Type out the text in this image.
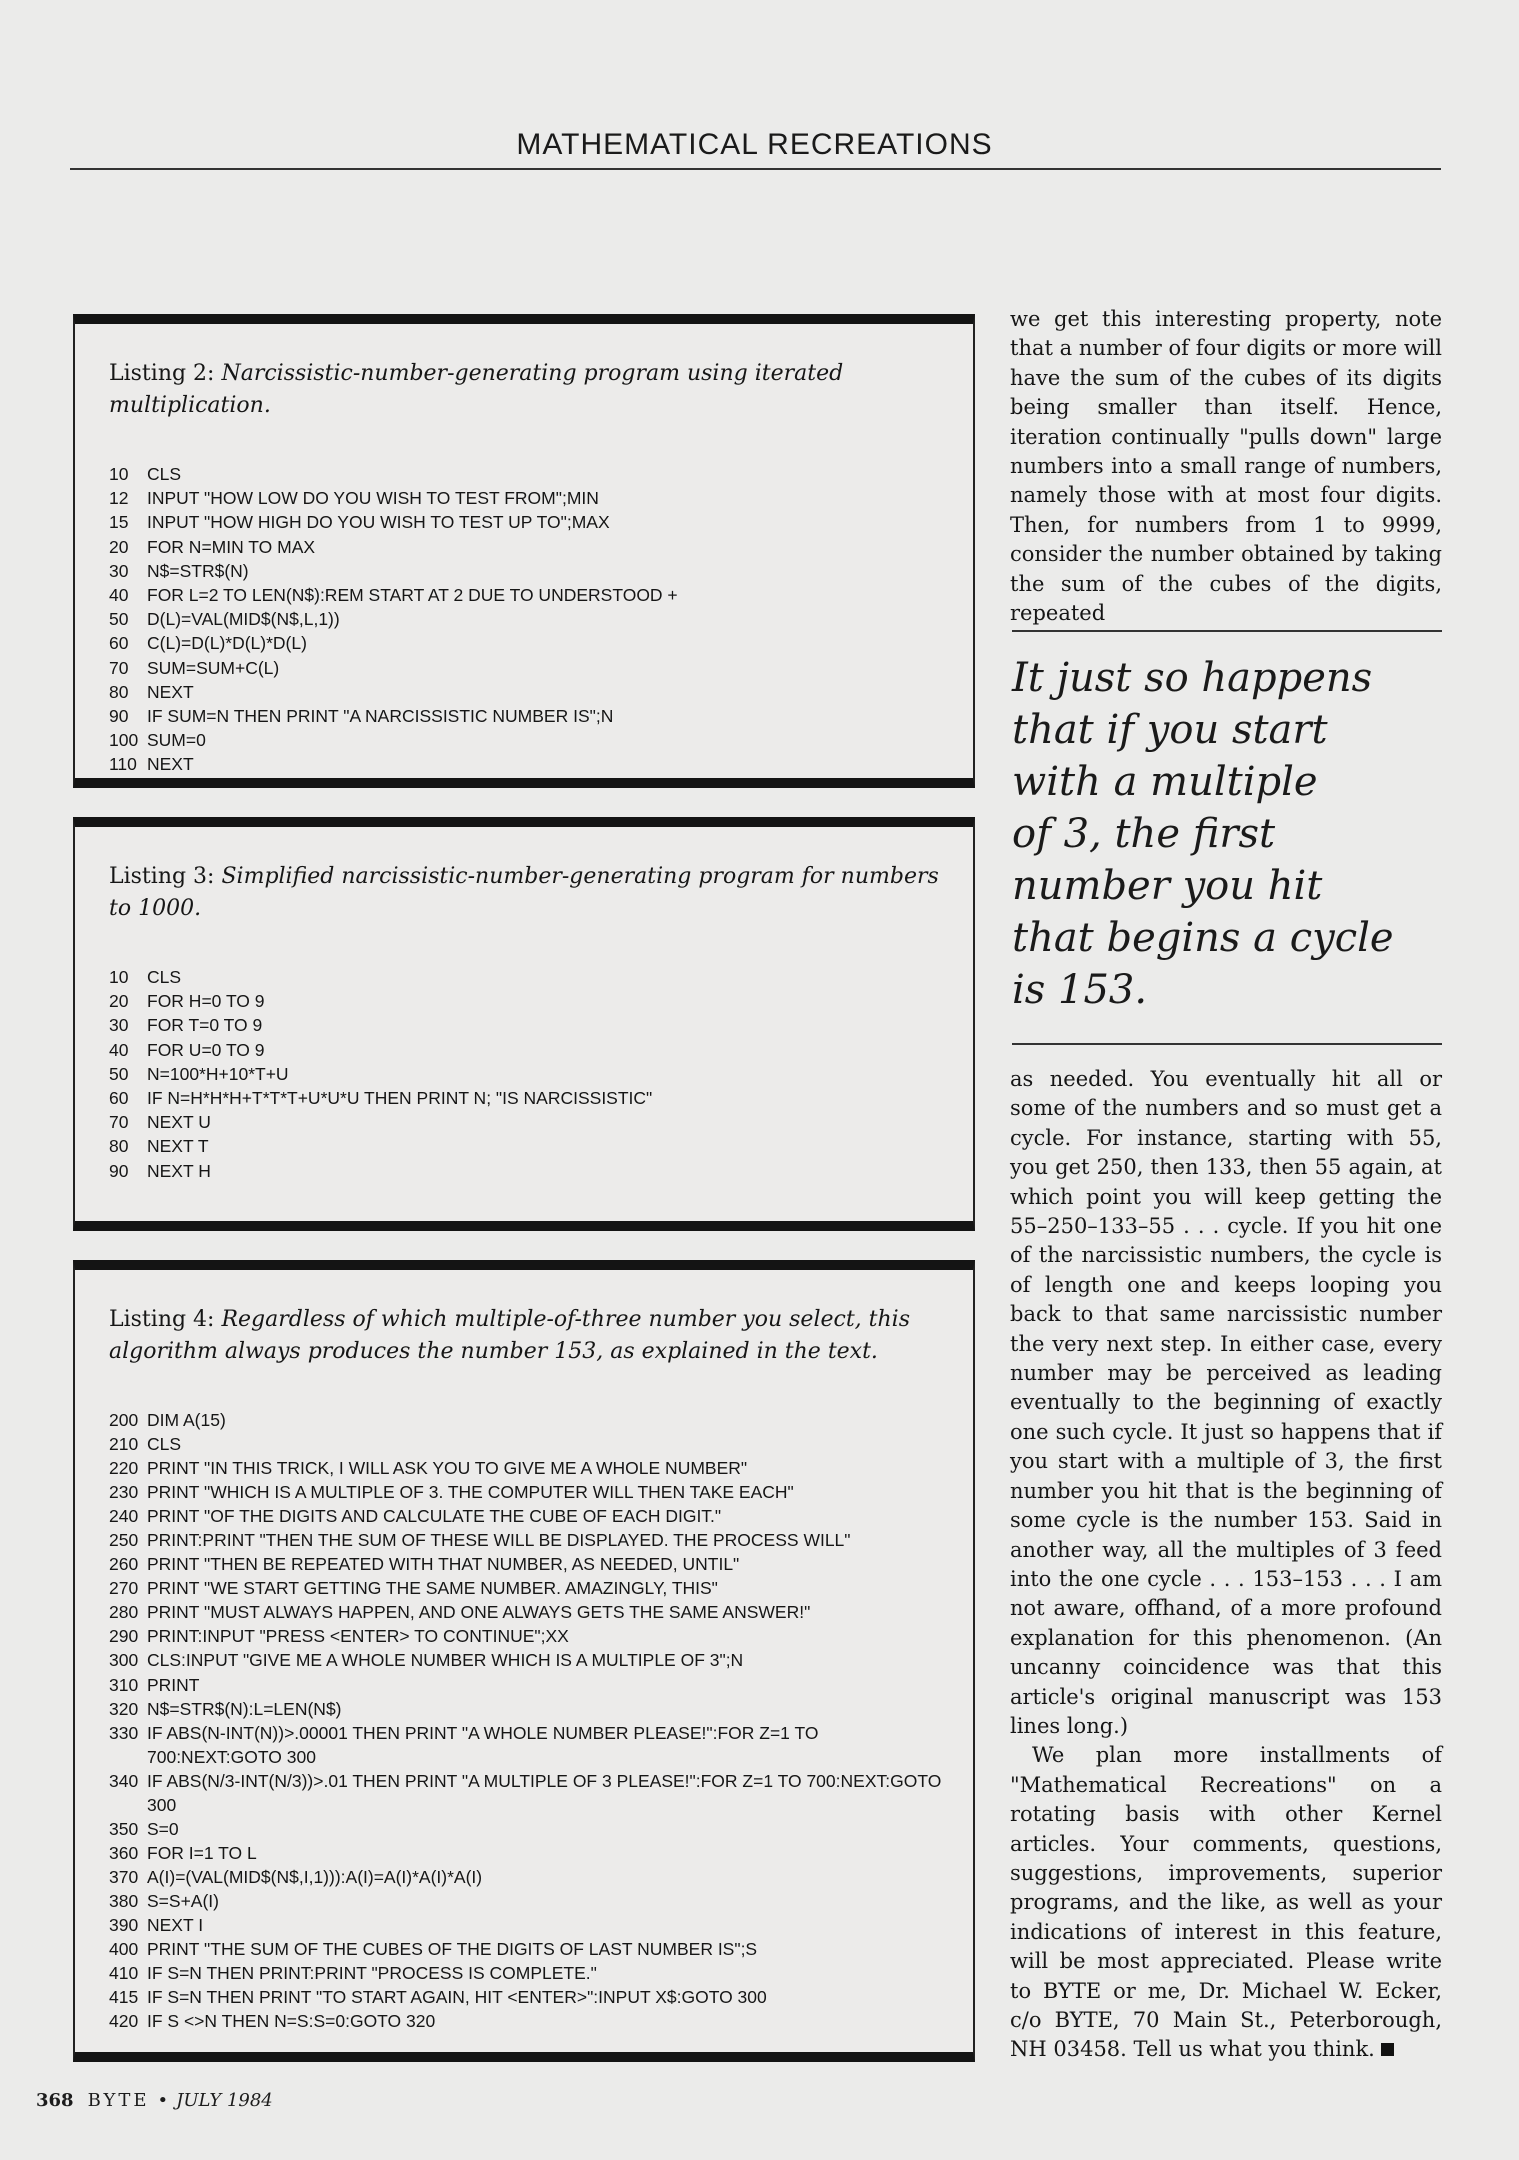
MATHEMATICAL RECREATIONS

Listing 2: Narcissistic-number-generating program using iterated multiplication.

10	CLS
12	INPUT "HOW LOW DO YOU WISH TO TEST FROM";MIN
15	INPUT "HOW HIGH DO YOU WISH TO TEST UP TO";MAX
20	FOR N=MIN TO MAX
30	N$=STR$(N)
40	FOR L=2 TO LEN(N$):REM START AT 2 DUE TO UNDERSTOOD +
50	D(L)=VAL(MID$(N$,L,1))
60	C(L)=D(L)*D(L)*D(L)
70	SUM=SUM+C(L)
80	NEXT
90	IF SUM=N THEN PRINT "A NARCISSISTIC NUMBER IS";N
100 SUM=0
110 NEXT

Listing 3: Simplified narcissistic-number-generating program for numbers to 1000.

10	CLS
20	FOR H=0 TO 9
30	FOR T=0 TO 9
40	FOR U=0 TO 9
50	N=100*H+10*T+U
60	IF N=H*H*H+T*T*T+U*U*U THEN PRINT N; "IS NARCISSISTIC"
70	NEXT U
80	NEXT T
90	NEXT H

Listing 4: Regardless of which multiple-of-three number you select, this algorithm always produces the number 153, as explained in the text.

200 DIM A(15)
210 CLS
220 PRINT "IN THIS TRICK, I WILL ASK YOU TO GIVE ME A WHOLE NUMBER"
230 PRINT "WHICH IS A MULTIPLE OF 3. THE COMPUTER WILL THEN TAKE EACH"
240 PRINT "OF THE DIGITS AND CALCULATE THE CUBE OF EACH DIGIT."
250 PRINT:PRINT "THEN THE SUM OF THESE WILL BE DISPLAYED. THE PROCESS WILL"
260 PRINT "THEN BE REPEATED WITH THAT NUMBER, AS NEEDED, UNTIL"
270 PRINT "WE START GETTING THE SAME NUMBER. AMAZINGLY, THIS"
280 PRINT "MUST ALWAYS HAPPEN, AND ONE ALWAYS GETS THE SAME ANSWER!"
290 PRINT:INPUT "PRESS <ENTER> TO CONTINUE";XX
300 CLS:INPUT "GIVE ME A WHOLE NUMBER WHICH IS A MULTIPLE OF 3";N
310 PRINT
320 N$=STR$(N):L=LEN(N$)
330 IF ABS(N-INT(N))>.00001 THEN PRINT "A WHOLE NUMBER PLEASE!":FOR Z=1 TO 700:NEXT:GOTO 300
340 IF ABS(N/3-INT(N/3))>.01 THEN PRINT "A MULTIPLE OF 3 PLEASE!":FOR Z=1 TO 700:NEXT:GOTO 300
350 S=0
360 FOR I=1 TO L
370 A(I)=(VAL(MID$(N$,I,1))):A(I)=A(I)*A(I)*A(I)
380 S=S+A(I)
390 NEXT I
400 PRINT "THE SUM OF THE CUBES OF THE DIGITS OF LAST NUMBER IS";S
410 IF S=N THEN PRINT:PRINT "PROCESS IS COMPLETE."
415 IF S=N THEN PRINT "TO START AGAIN, HIT <ENTER>":INPUT X$:GOTO 300
420 IF S <>N THEN N=S:S=0:GOTO 320
we get this interesting property, note that a number of four digits or more will have the sum of the cubes of its digits being smaller than itself. Hence, iteration continually "pulls down" large numbers into a small range of numbers, namely those with at most four digits. Then, for numbers from 1 to 9999, consider the number obtained by taking the sum of the cubes of the digits, repeated
It just so happens
that if you start
with a multiple
of 3, the first
number you hit
that begins a cycle
is 153.
as needed. You eventually hit all or some of the numbers and so must get a cycle. For instance, starting with 55, you get 250, then 133, then 55 again, at which point you will keep getting the 55–250–133–55 . . . cycle. If you hit one of the narcissistic numbers, the cycle is of length one and keeps looping you back to that same narcissistic number the very next step. In either case, every number may be perceived as leading eventually to the beginning of exactly one such cycle. It just so happens that if you start with a multiple of 3, the first number you hit that is the beginning of some cycle is the number 153. Said in another way, all the multiples of 3 feed into the one cycle . . . 153–153 . . . I am not aware, offhand, of a more profound explanation for this phenomenon. (An uncanny coincidence was that this article's original manuscript was 153 lines long.)
We plan more installments of "Mathematical Recreations" on a rotating basis with other Kernel articles. Your comments, questions, suggestions, improvements, superior programs, and the like, as well as your indications of interest in this feature, will be most appreciated. Please write to BYTE or me, Dr. Michael W. Ecker, c/o BYTE, 70 Main St., Peterborough, NH 03458. Tell us what you think.
368 BYTE • JULY 1984
